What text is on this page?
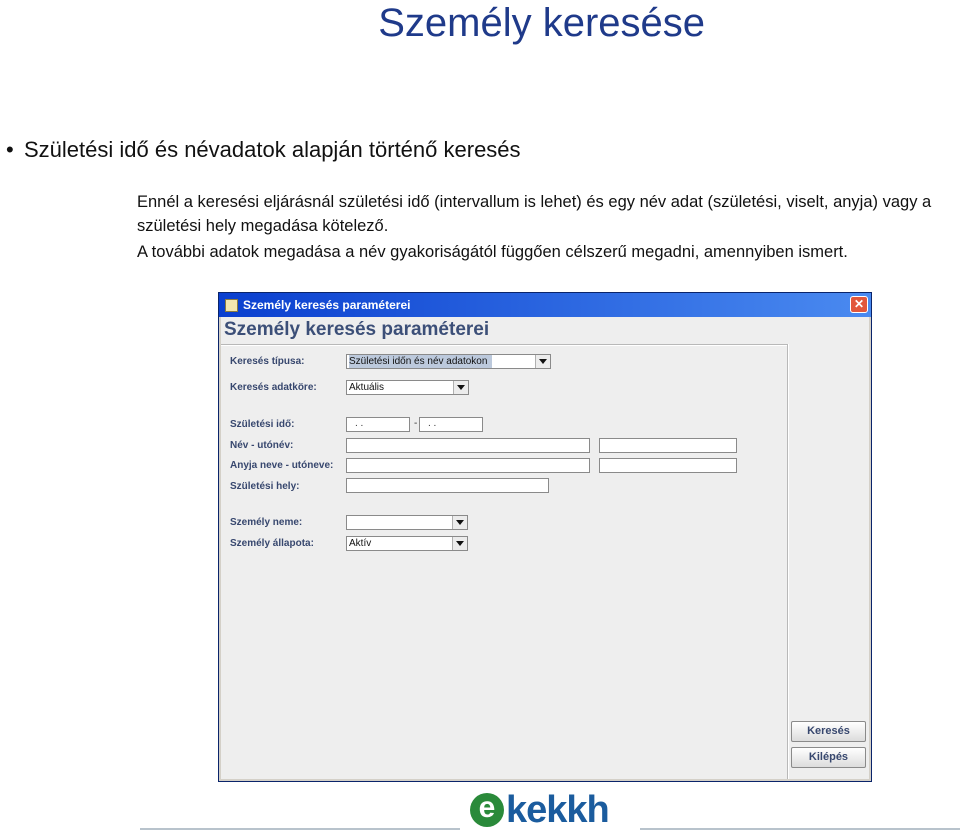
Személy keresése
• Születési idő és névadatok alapján történő keresés
Ennél a keresési eljárásnál születési idő (intervallum is lehet) és egy név adat (születési, viselt, anyja) vagy a születési hely megadása kötelező.
A további adatok megadása a név gyakoriságától függően célszerű megadni, amennyiben ismert.
Személy keresés paraméterei	✕
Személy keresés paraméterei
Keresés típusa:	Születési időn és név adatokon
Keresés adatköre:	Aktuális
Születési idő:	. .	-	. .
Név - utónév:
Anyja neve - utóneve:
Születési hely:
Személy neme:
Személy állapota:	Aktív
Keresés
Kilépés
e kekkh
